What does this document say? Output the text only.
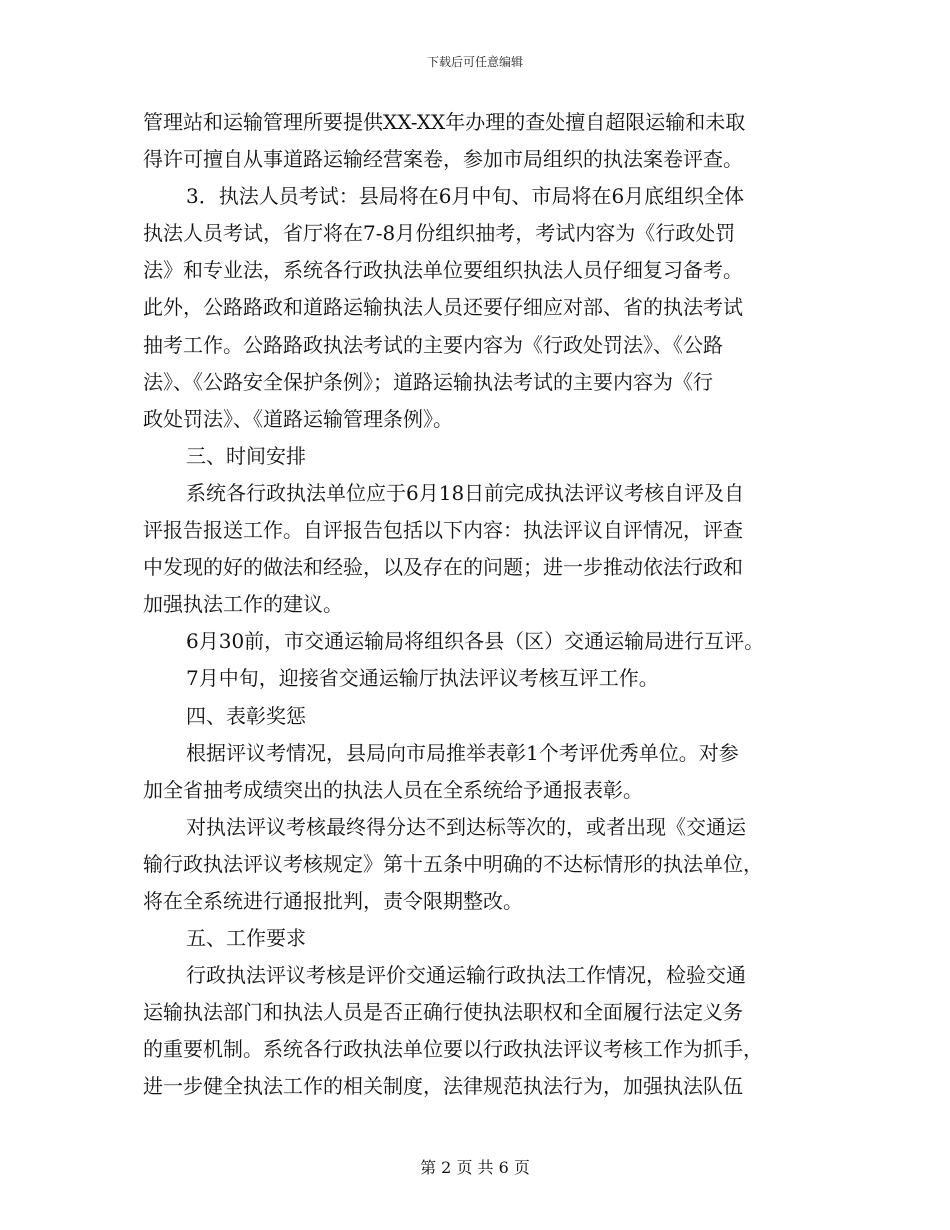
下载后可任意编辑
管理站和运输管理所要提供XX-XX年办理的查处擅自超限运输和未取
得许可擅自从事道路运输经营案卷，参加市局组织的执法案卷评查。
3．执法人员考试：县局将在6月中旬、市局将在6月底组织全体
执法人员考试，省厅将在7-8月份组织抽考，考试内容为《行政处罚
法》和专业法，系统各行政执法单位要组织执法人员仔细复习备考。
此外，公路路政和道路运输执法人员还要仔细应对部、省的执法考试
抽考工作。公路路政执法考试的主要内容为《行政处罚法》、《公路
法》、《公路安全保护条例》；道路运输执法考试的主要内容为《行
政处罚法》、《道路运输管理条例》。
三、时间安排
系统各行政执法单位应于6月18日前完成执法评议考核自评及自
评报告报送工作。自评报告包括以下内容：执法评议自评情况，评查
中发现的好的做法和经验，以及存在的问题；进一步推动依法行政和
加强执法工作的建议。
6月30前，市交通运输局将组织各县（区）交通运输局进行互评。
7月中旬，迎接省交通运输厅执法评议考核互评工作。
四、表彰奖惩
根据评议考情况，县局向市局推举表彰1个考评优秀单位。对参
加全省抽考成绩突出的执法人员在全系统给予通报表彰。
对执法评议考核最终得分达不到达标等次的，或者出现《交通运
输行政执法评议考核规定》第十五条中明确的不达标情形的执法单位，
将在全系统进行通报批判，责令限期整改。
五、工作要求
行政执法评议考核是评价交通运输行政执法工作情况，检验交通
运输执法部门和执法人员是否正确行使执法职权和全面履行法定义务
的重要机制。系统各行政执法单位要以行政执法评议考核工作为抓手，
进一步健全执法工作的相关制度，法律规范执法行为，加强执法队伍
第 2 页 共 6 页
